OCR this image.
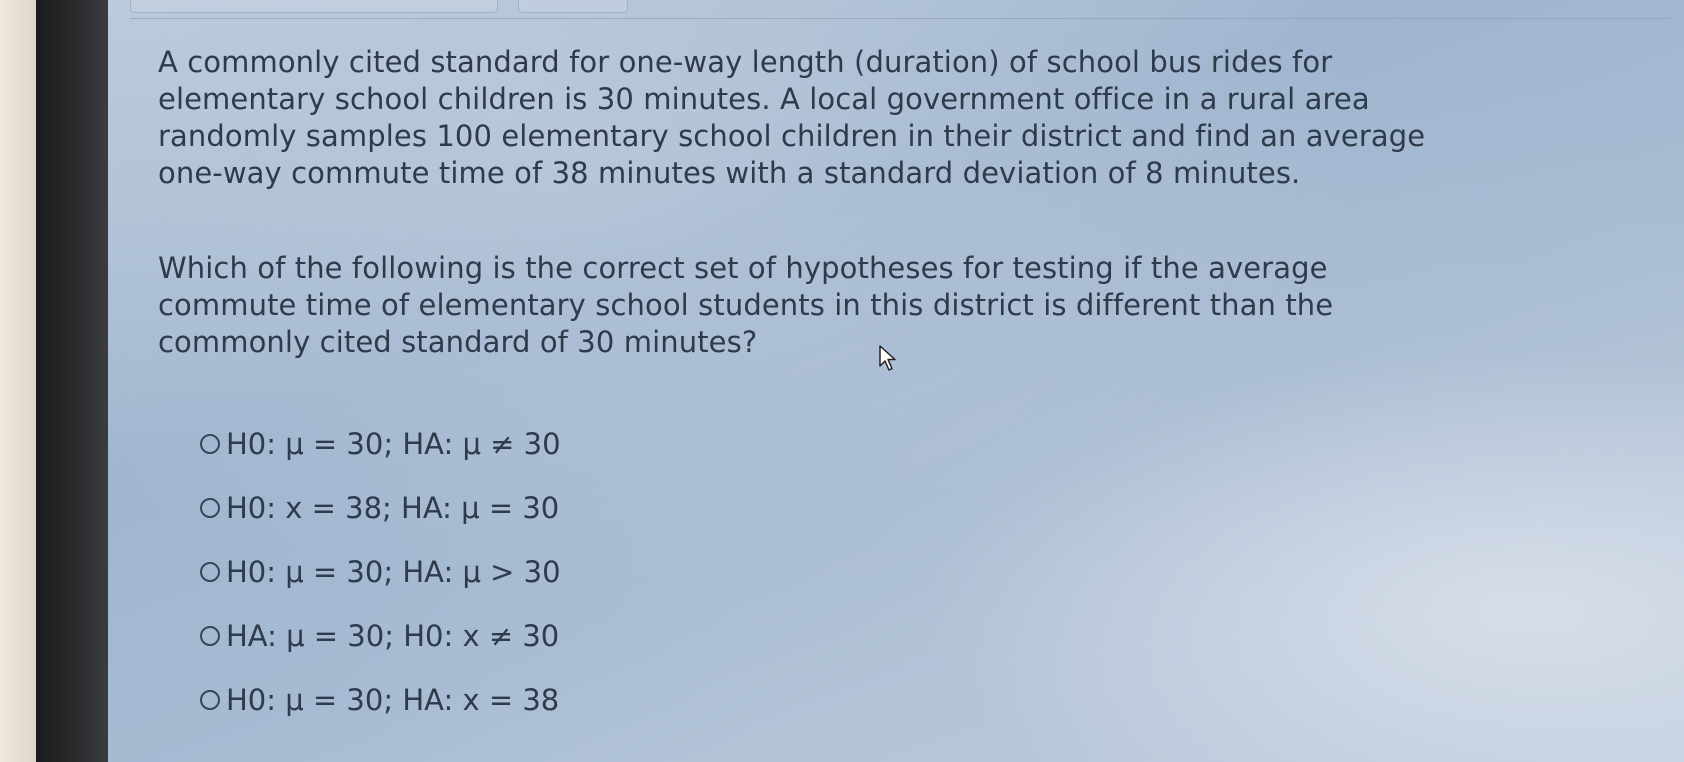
A commonly cited standard for one-way length (duration) of school bus rides for elementary school children is 30 minutes. A local government office in a rural area randomly samples 100 elementary school children in their district and find an average one-way commute time of 38 minutes with a standard deviation of 8 minutes.

Which of the following is the correct set of hypotheses for testing if the average commute time of elementary school students in this district is different than the commonly cited standard of 30 minutes?

H0: μ = 30; HA: μ ≠ 30
H0: x = 38; HA: μ = 30
H0: μ = 30; HA: μ > 30
HA: μ = 30; H0: x ≠ 30
H0: μ = 30; HA: x = 38
